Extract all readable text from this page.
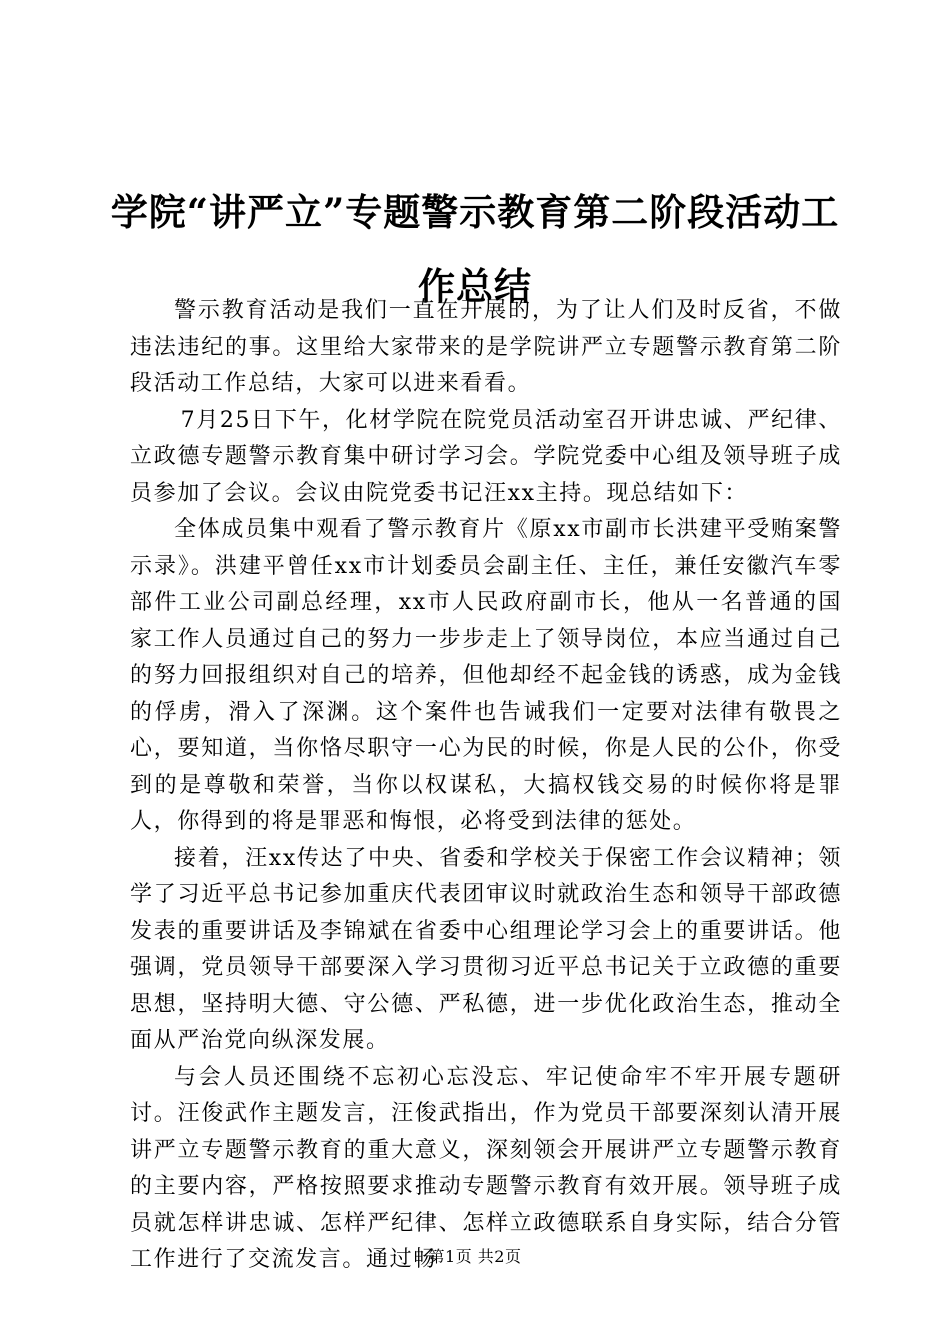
学院“讲严立”专题警示教育第二阶段活动工作总结

警示教育活动是我们一直在开展的，为了让人们及时反省，不做违法违纪的事。这里给大家带来的是学院讲严立专题警示教育第二阶段活动工作总结，大家可以进来看看。

7月25日下午，化材学院在院党员活动室召开讲忠诚、严纪律、立政德专题警示教育集中研讨学习会。学院党委中心组及领导班子成员参加了会议。会议由院党委书记汪xx主持。现总结如下：

全体成员集中观看了警示教育片《原xx市副市长洪建平受贿案警示录》。洪建平曾任xx市计划委员会副主任、主任，兼任安徽汽车零部件工业公司副总经理，xx市人民政府副市长，他从一名普通的国家工作人员通过自己的努力一步步走上了领导岗位，本应当通过自己的努力回报组织对自己的培养，但他却经不起金钱的诱惑，成为金钱的俘虏，滑入了深渊。这个案件也告诫我们一定要对法律有敬畏之心，要知道，当你恪尽职守一心为民的时候，你是人民的公仆，你受到的是尊敬和荣誉，当你以权谋私，大搞权钱交易的时候你将是罪人，你得到的将是罪恶和悔恨，必将受到法律的惩处。

接着，汪xx传达了中央、省委和学校关于保密工作会议精神；领学了习近平总书记参加重庆代表团审议时就政治生态和领导干部政德发表的重要讲话及李锦斌在省委中心组理论学习会上的重要讲话。他强调，党员领导干部要深入学习贯彻习近平总书记关于立政德的重要思想，坚持明大德、守公德、严私德，进一步优化政治生态，推动全面从严治党向纵深发展。

与会人员还围绕不忘初心忘没忘、牢记使命牢不牢开展专题研讨。汪俊武作主题发言，汪俊武指出，作为党员干部要深刻认清开展讲严立专题警示教育的重大意义，深刻领会开展讲严立专题警示教育的主要内容，严格按照要求推动专题警示教育有效开展。领导班子成员就怎样讲忠诚、怎样严纪律、怎样立政德联系自身实际，结合分管工作进行了交流发言。通过畅

第1页 共2页
